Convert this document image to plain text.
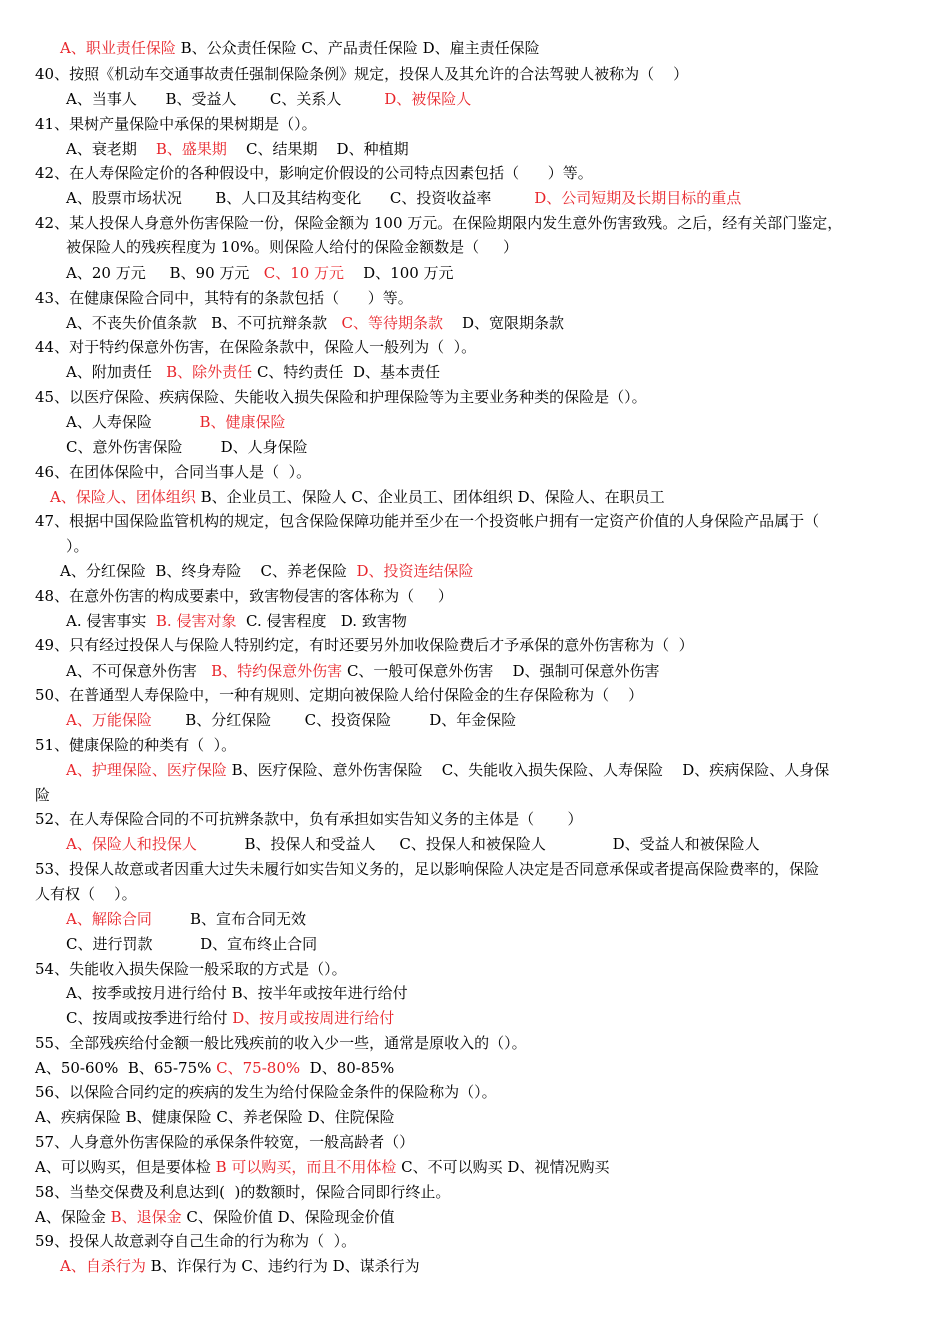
A、职业责任保险 B、公众责任保险 C、产品责任保险 D、雇主责任保险
40、按照《机动车交通事故责任强制保险条例》规定，投保人及其允许的合法驾驶人被称为（    ）
A、当事人      B、受益人       C、关系人         D、被保险人
41、果树产量保险中承保的果树期是（）。
A、衰老期    B、盛果期    C、结果期    D、种植期
42、在人寿保险定价的各种假设中，影响定价假设的公司特点因素包括（      ）等。
A、股票市场状况       B、人口及其结构变化      C、投资收益率         D、公司短期及长期目标的重点
42、某人投保人身意外伤害保险一份，保险金额为 100 万元。在保险期限内发生意外伤害致残。之后，经有关部门鉴定，
被保险人的残疾程度为 10%。则保险人给付的保险金额数是（     ）
A、20 万元     B、90 万元   C、10 万元    D、100 万元
43、在健康保险合同中，其特有的条款包括（      ）等。
A、不丧失价值条款   B、不可抗辩条款   C、等待期条款    D、宽限期条款
44、对于特约保意外伤害，在保险条款中，保险人一般列为（  ）。
A、附加责任   B、除外责任 C、特约责任  D、基本责任
45、以医疗保险、疾病保险、失能收入损失保险和护理保险等为主要业务种类的保险是（）。
A、人寿保险          B、健康保险
C、意外伤害保险        D、人身保险
46、在团体保险中，合同当事人是（  ）。
A、保险人、团体组织 B、企业员工、保险人 C、企业员工、团体组织 D、保险人、在职员工
47、根据中国保险监管机构的规定，包含保险保障功能并至少在一个投资帐户拥有一定资产价值的人身保险产品属于（
）。
A、分红保险  B、终身寿险    C、养老保险  D、投资连结保险
48、在意外伤害的构成要素中，致害物侵害的客体称为（     ）
A. 侵害事实  B. 侵害对象  C. 侵害程度   D. 致害物
49、只有经过投保人与保险人特别约定，有时还要另外加收保险费后才予承保的意外伤害称为（  ）
A、不可保意外伤害   B、特约保意外伤害 C、一般可保意外伤害    D、强制可保意外伤害
50、在普通型人寿保险中，一种有规则、定期向被保险人给付保险金的生存保险称为（    ）
A、万能保险       B、分红保险       C、投资保险        D、年金保险
51、健康保险的种类有（  ）。
A、护理保险、医疗保险 B、医疗保险、意外伤害保险    C、失能收入损失保险、人寿保险    D、疾病保险、人身保
险
52、在人寿保险合同的不可抗辨条款中，负有承担如实告知义务的主体是（       ）
A、保险人和投保人          B、投保人和受益人     C、投保人和被保险人              D、受益人和被保险人
53、投保人故意或者因重大过失未履行如实告知义务的，足以影响保险人决定是否同意承保或者提高保险费率的，保险
人有权（    ）。
A、解除合同        B、宣布合同无效
C、进行罚款          D、宣布终止合同
54、失能收入损失保险一般采取的方式是（）。
A、按季或按月进行给付 B、按半年或按年进行给付
C、按周或按季进行给付 D、按月或按周进行给付
55、全部残疾给付金额一般比残疾前的收入少一些，通常是原收入的（）。
A、50-60%  B、65-75% C、75-80%  D、80-85%
56、以保险合同约定的疾病的发生为给付保险金条件的保险称为（）。
A、疾病保险 B、健康保险 C、养老保险 D、住院保险
57、人身意外伤害保险的承保条件较宽，一般高龄者（）
A、可以购买，但是要体检 B 可以购买，而且不用体检 C、不可以购买 D、视情况购买
58、当垫交保费及利息达到(  )的数额时，保险合同即行终止。
A、保险金 B、退保金 C、保险价值 D、保险现金价值
59、投保人故意剥夺自己生命的行为称为（  ）。
A、自杀行为 B、诈保行为 C、违约行为 D、谋杀行为
